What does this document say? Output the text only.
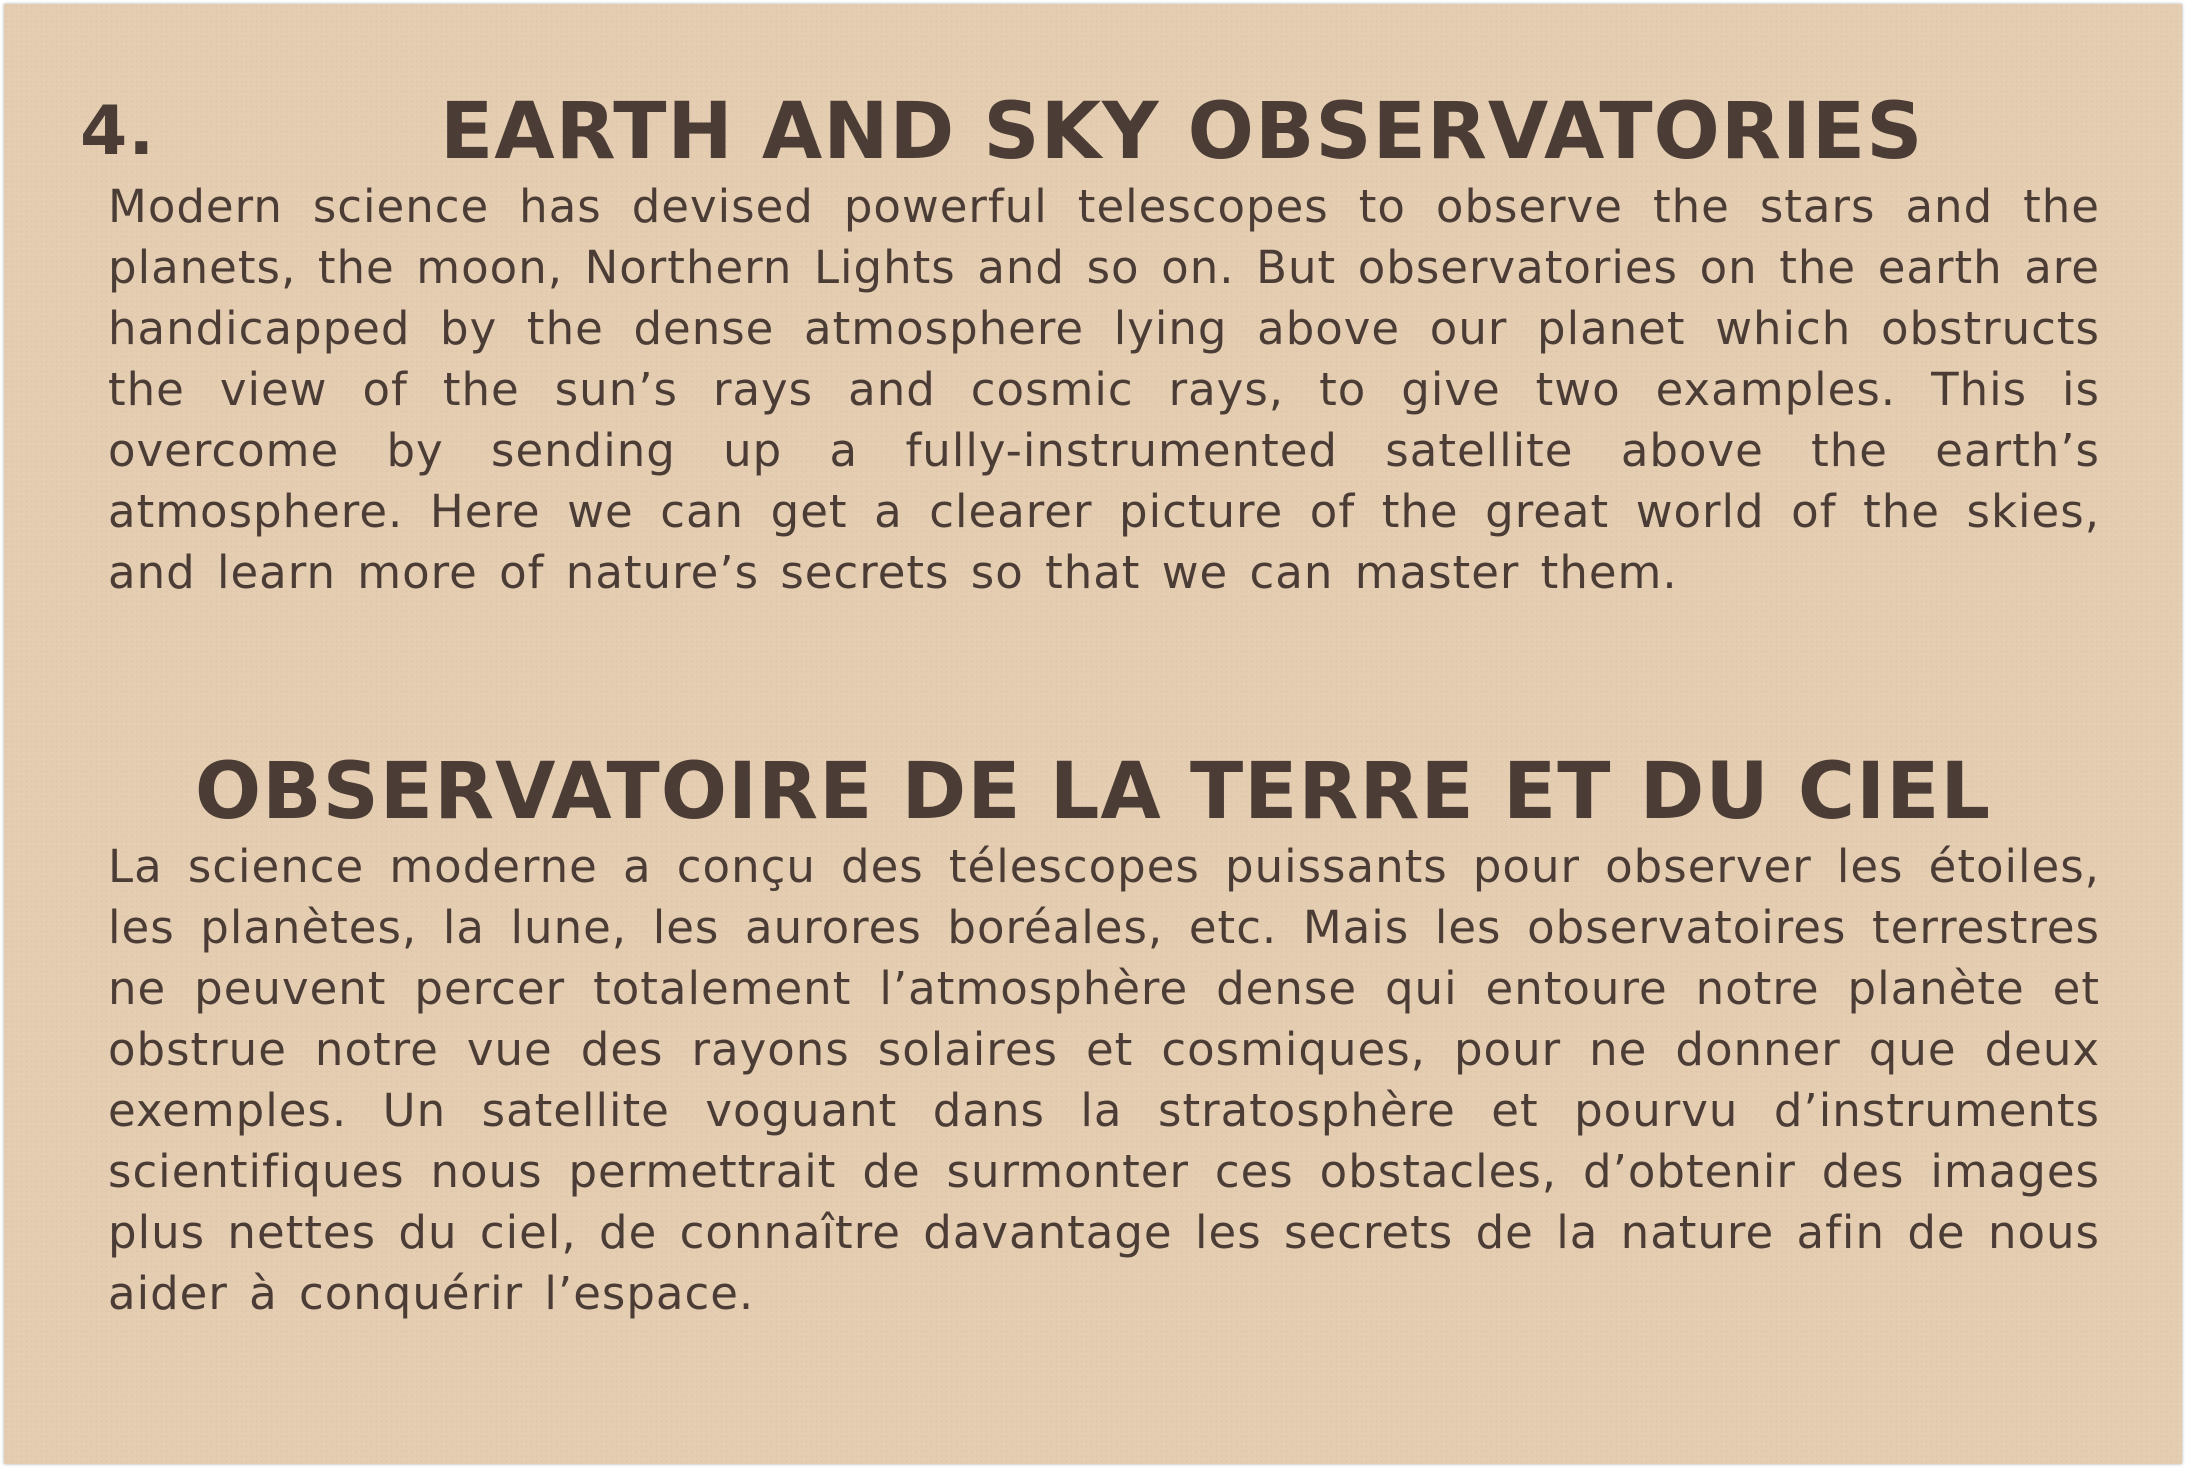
4.	EARTH AND SKY OBSERVATORIES

Modern science has devised powerful telescopes to observe the stars and the planets, the moon, Northern Lights and so on. But observatories on the earth are handicapped by the dense atmosphere lying above our planet which obstructs the view of the sun’s rays and cosmic rays, to give two examples. This is overcome by sending up a fully-instrumented satellite above the earth’s atmosphere. Here we can get a clearer picture of the great world of the skies, and learn more of nature’s secrets so that we can master them.

OBSERVATOIRE DE LA TERRE ET DU CIEL

La science moderne a conçu des télescopes puissants pour observer les étoiles, les planètes, la lune, les aurores boréales, etc. Mais les observatoires terrestres ne peuvent percer totalement l’atmosphère dense qui entoure notre planète et obstrue notre vue des rayons solaires et cosmiques, pour ne donner que deux exemples. Un satellite voguant dans la stratosphère et pourvu d’instruments scientifiques nous permettrait de surmonter ces obstacles, d’obtenir des images plus nettes du ciel, de connaître davantage les secrets de la nature afin de nous aider à conquérir l’espace.
